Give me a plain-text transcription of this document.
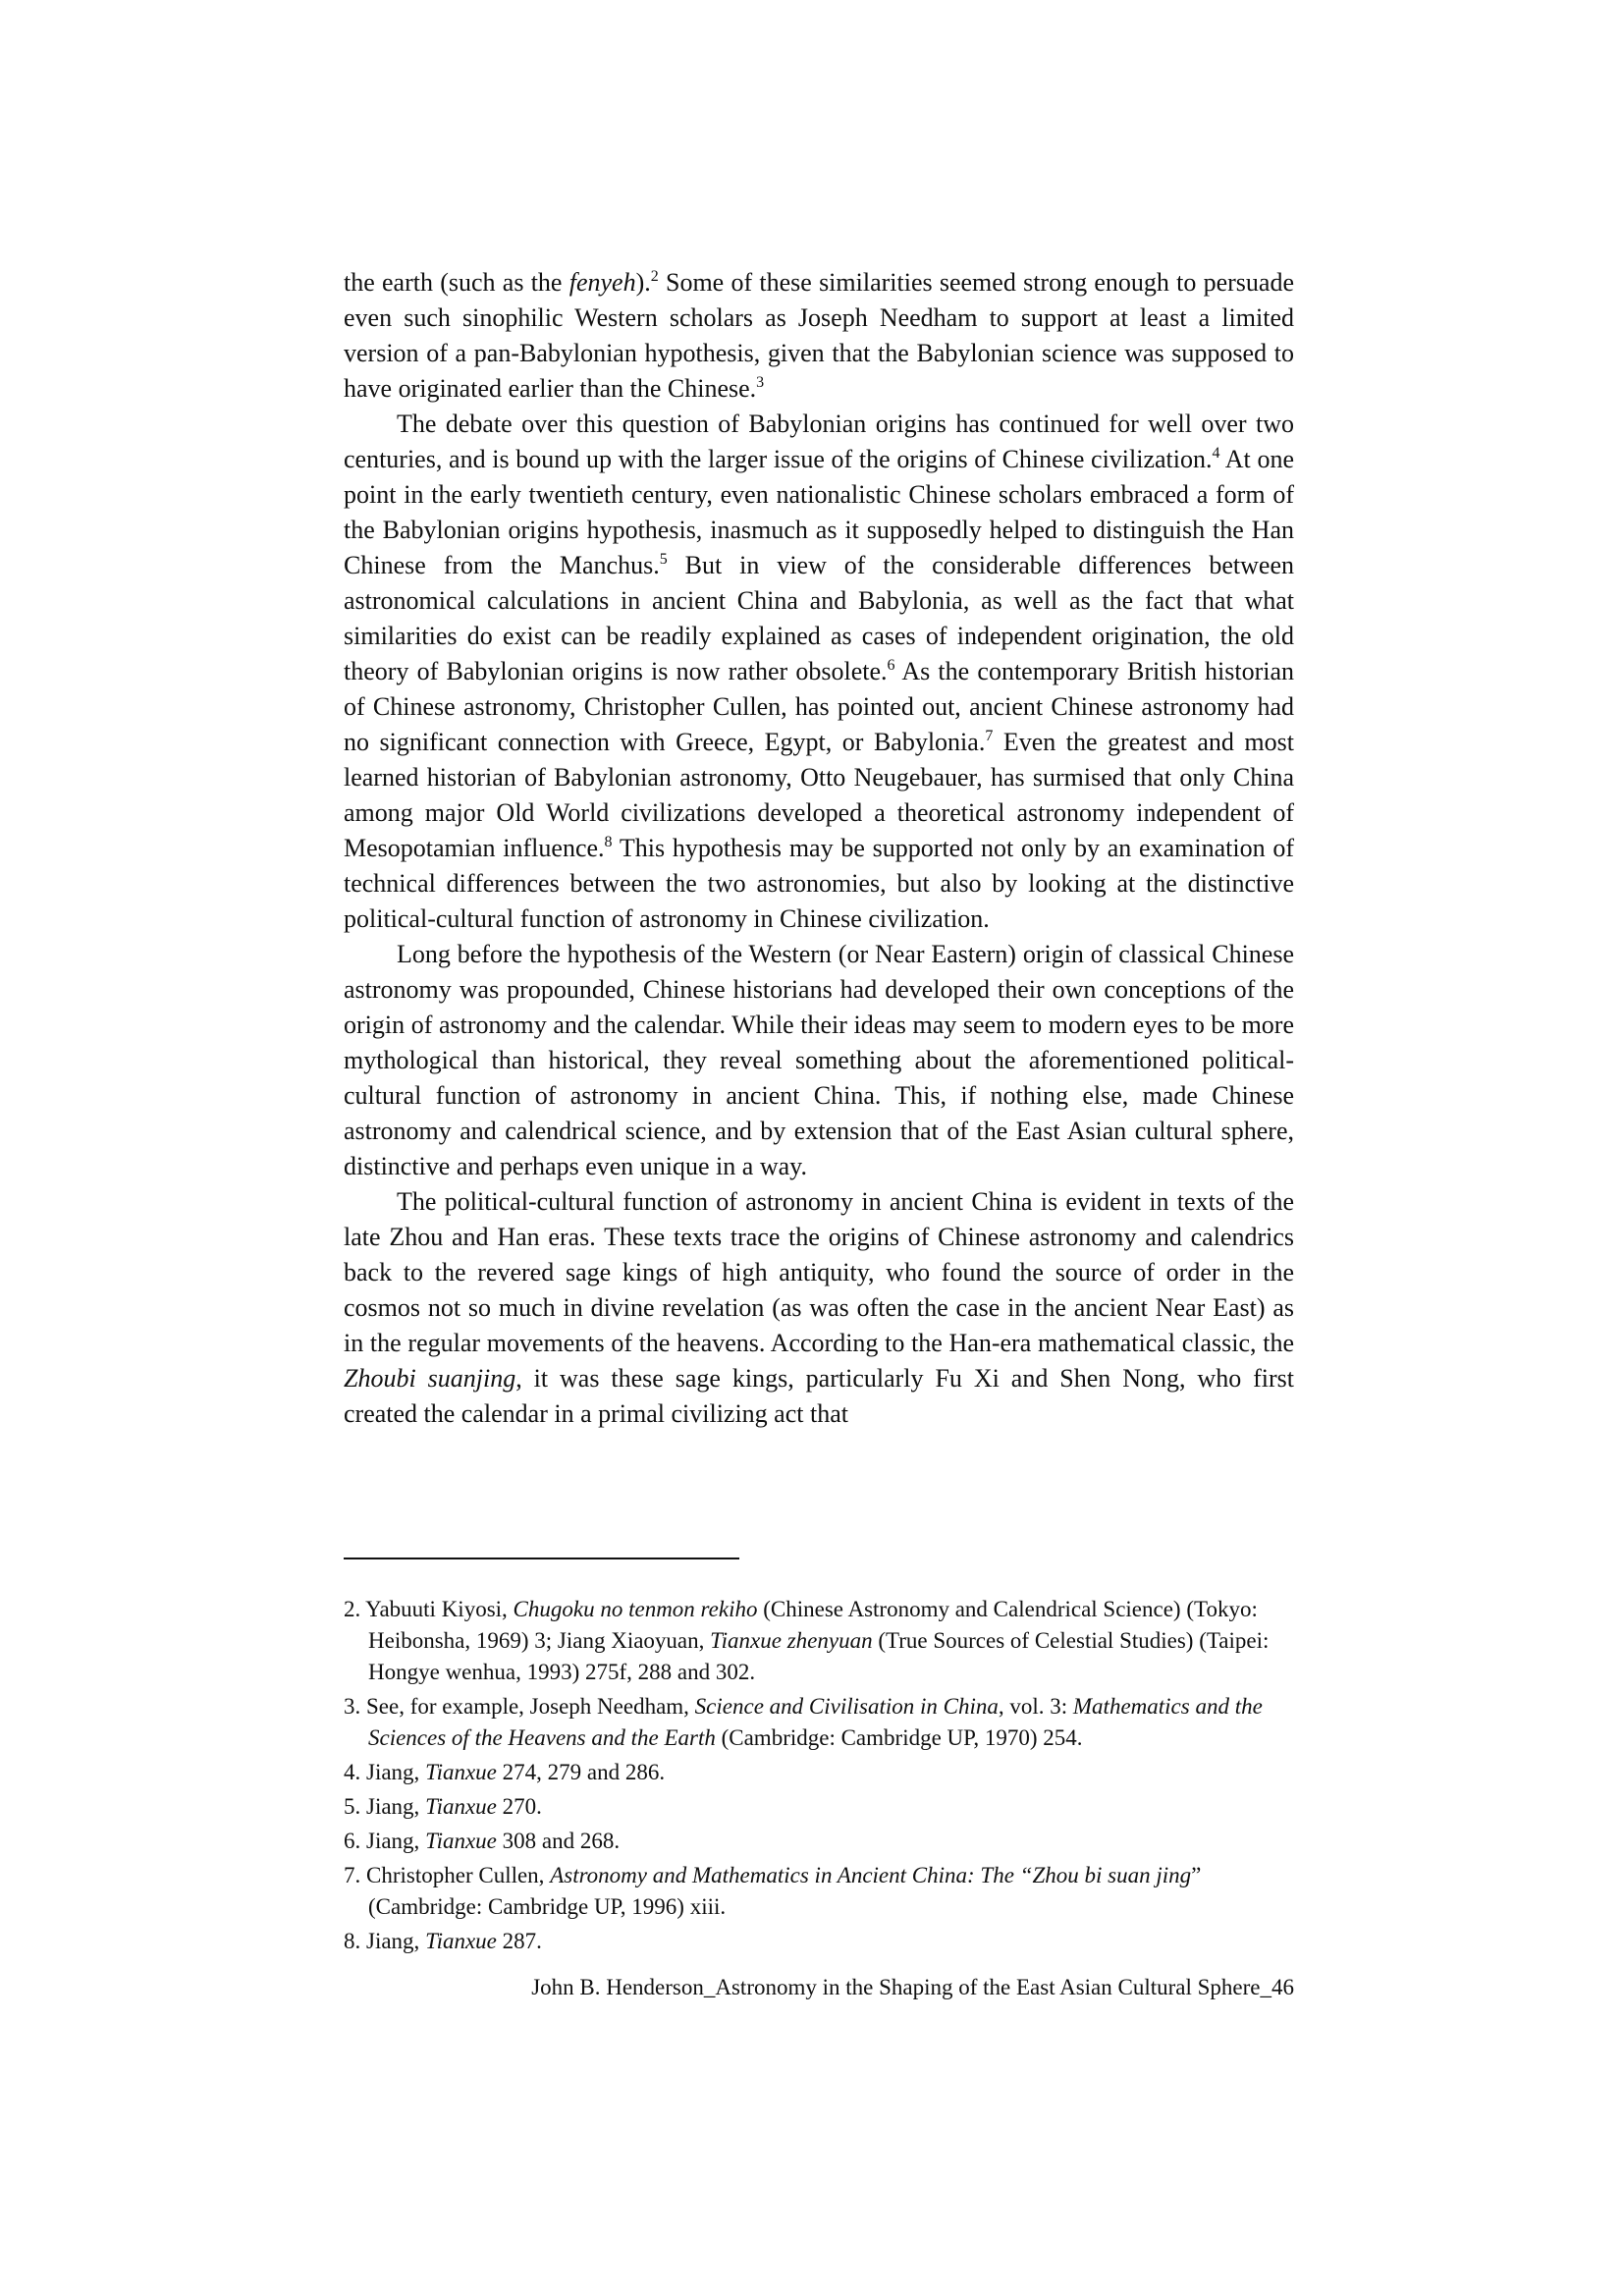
the earth (such as the fenyeh).$^2$ Some of these similarities seemed strong enough to persuade even such sinophilic Western scholars as Joseph Needham to support at least a limited version of a pan-Babylonian hypothesis, given that the Babylonian science was supposed to have originated earlier than the Chinese.$^3$

The debate over this question of Babylonian origins has continued for well over two centuries, and is bound up with the larger issue of the origins of Chinese civilization.$^4$ At one point in the early twentieth century, even nationalistic Chinese scholars embraced a form of the Babylonian origins hypothesis, inasmuch as it supposedly helped to distinguish the Han Chinese from the Manchus.$^5$ But in view of the considerable differences between astronomical calculations in ancient China and Babylonia, as well as the fact that what similarities do exist can be readily explained as cases of independent origination, the old theory of Babylonian origins is now rather obsolete.$^6$ As the contemporary British historian of Chinese astronomy, Christopher Cullen, has pointed out, ancient Chinese astronomy had no significant connection with Greece, Egypt, or Babylonia.$^7$ Even the greatest and most learned historian of Babylonian astronomy, Otto Neugebauer, has surmised that only China among major Old World civilizations developed a theoretical astronomy independent of Mesopotamian influence.$^8$ This hypothesis may be supported not only by an examination of technical differences between the two astronomies, but also by looking at the distinctive political-cultural function of astronomy in Chinese civilization.

Long before the hypothesis of the Western (or Near Eastern) origin of classical Chinese astronomy was propounded, Chinese historians had developed their own conceptions of the origin of astronomy and the calendar. While their ideas may seem to modern eyes to be more mythological than historical, they reveal something about the aforementioned political-cultural function of astronomy in ancient China. This, if nothing else, made Chinese astronomy and calendrical science, and by extension that of the East Asian cultural sphere, distinctive and perhaps even unique in a way.

The political-cultural function of astronomy in ancient China is evident in texts of the late Zhou and Han eras. These texts trace the origins of Chinese astronomy and calendrics back to the revered sage kings of high antiquity, who found the source of order in the cosmos not so much in divine revelation (as was often the case in the ancient Near East) as in the regular movements of the heavens. According to the Han-era mathematical classic, the Zhoubi suanjing, it was these sage kings, particularly Fu Xi and Shen Nong, who first created the calendar in a primal civilizing act that

2. Yabuuti Kiyosi, Chugoku no tenmon rekiho (Chinese Astronomy and Calendrical Science) (Tokyo: Heibonsha, 1969) 3; Jiang Xiaoyuan, Tianxue zhenyuan (True Sources of Celestial Studies) (Taipei: Hongye wenhua, 1993) 275f, 288 and 302.
3. See, for example, Joseph Needham, Science and Civilisation in China, vol. 3: Mathematics and the Sciences of the Heavens and the Earth (Cambridge: Cambridge UP, 1970) 254.
4. Jiang, Tianxue 274, 279 and 286.
5. Jiang, Tianxue 270.
6. Jiang, Tianxue 308 and 268.
7. Christopher Cullen, Astronomy and Mathematics in Ancient China: The “Zhou bi suan jing” (Cambridge: Cambridge UP, 1996) xiii.
8. Jiang, Tianxue 287.
John B. Henderson_Astronomy in the Shaping of the East Asian Cultural Sphere_46
